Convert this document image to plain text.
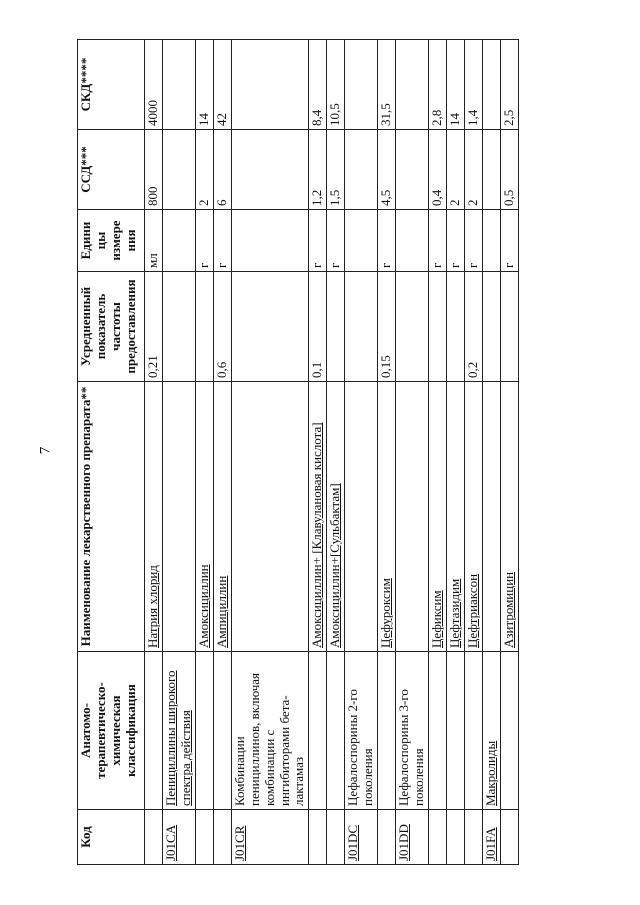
7
Код	Анатомо-терапевтическо-химическая классификация	Наименование лекарственного препарата**	Усредненный показатель частоты предоставления	Едини цы измере ния	ССД***	СКД****
		Натрия хлорид	0,21	мл	800	4000
J01CA	Пенициллины широкого спектра действия					
		Амоксициллин		г	2	14
		Ампициллин	0,6	г	6	42
J01CR	Комбинации пенициллинов, включая комбинации с ингибиторами бета-лактамаз					
		Амоксициллин+ [Клавулановая кислота]	0,1	г	1,2	8,4
		Амоксициллин+[Сульбактам]		г	1,5	10,5
J01DC	Цефалоспорины 2-го поколения					
		Цефуроксим	0,15	г	4,5	31,5
J01DD	Цефалоспорины 3-го поколения					
		Цефиксим		г	0,4	2,8
		Цефтазидим		г	2	14
		Цефтриаксон	0,2	г	2	1,4
J01FA	Макролиды					
		Азитромицин		г	0,5	2,5
